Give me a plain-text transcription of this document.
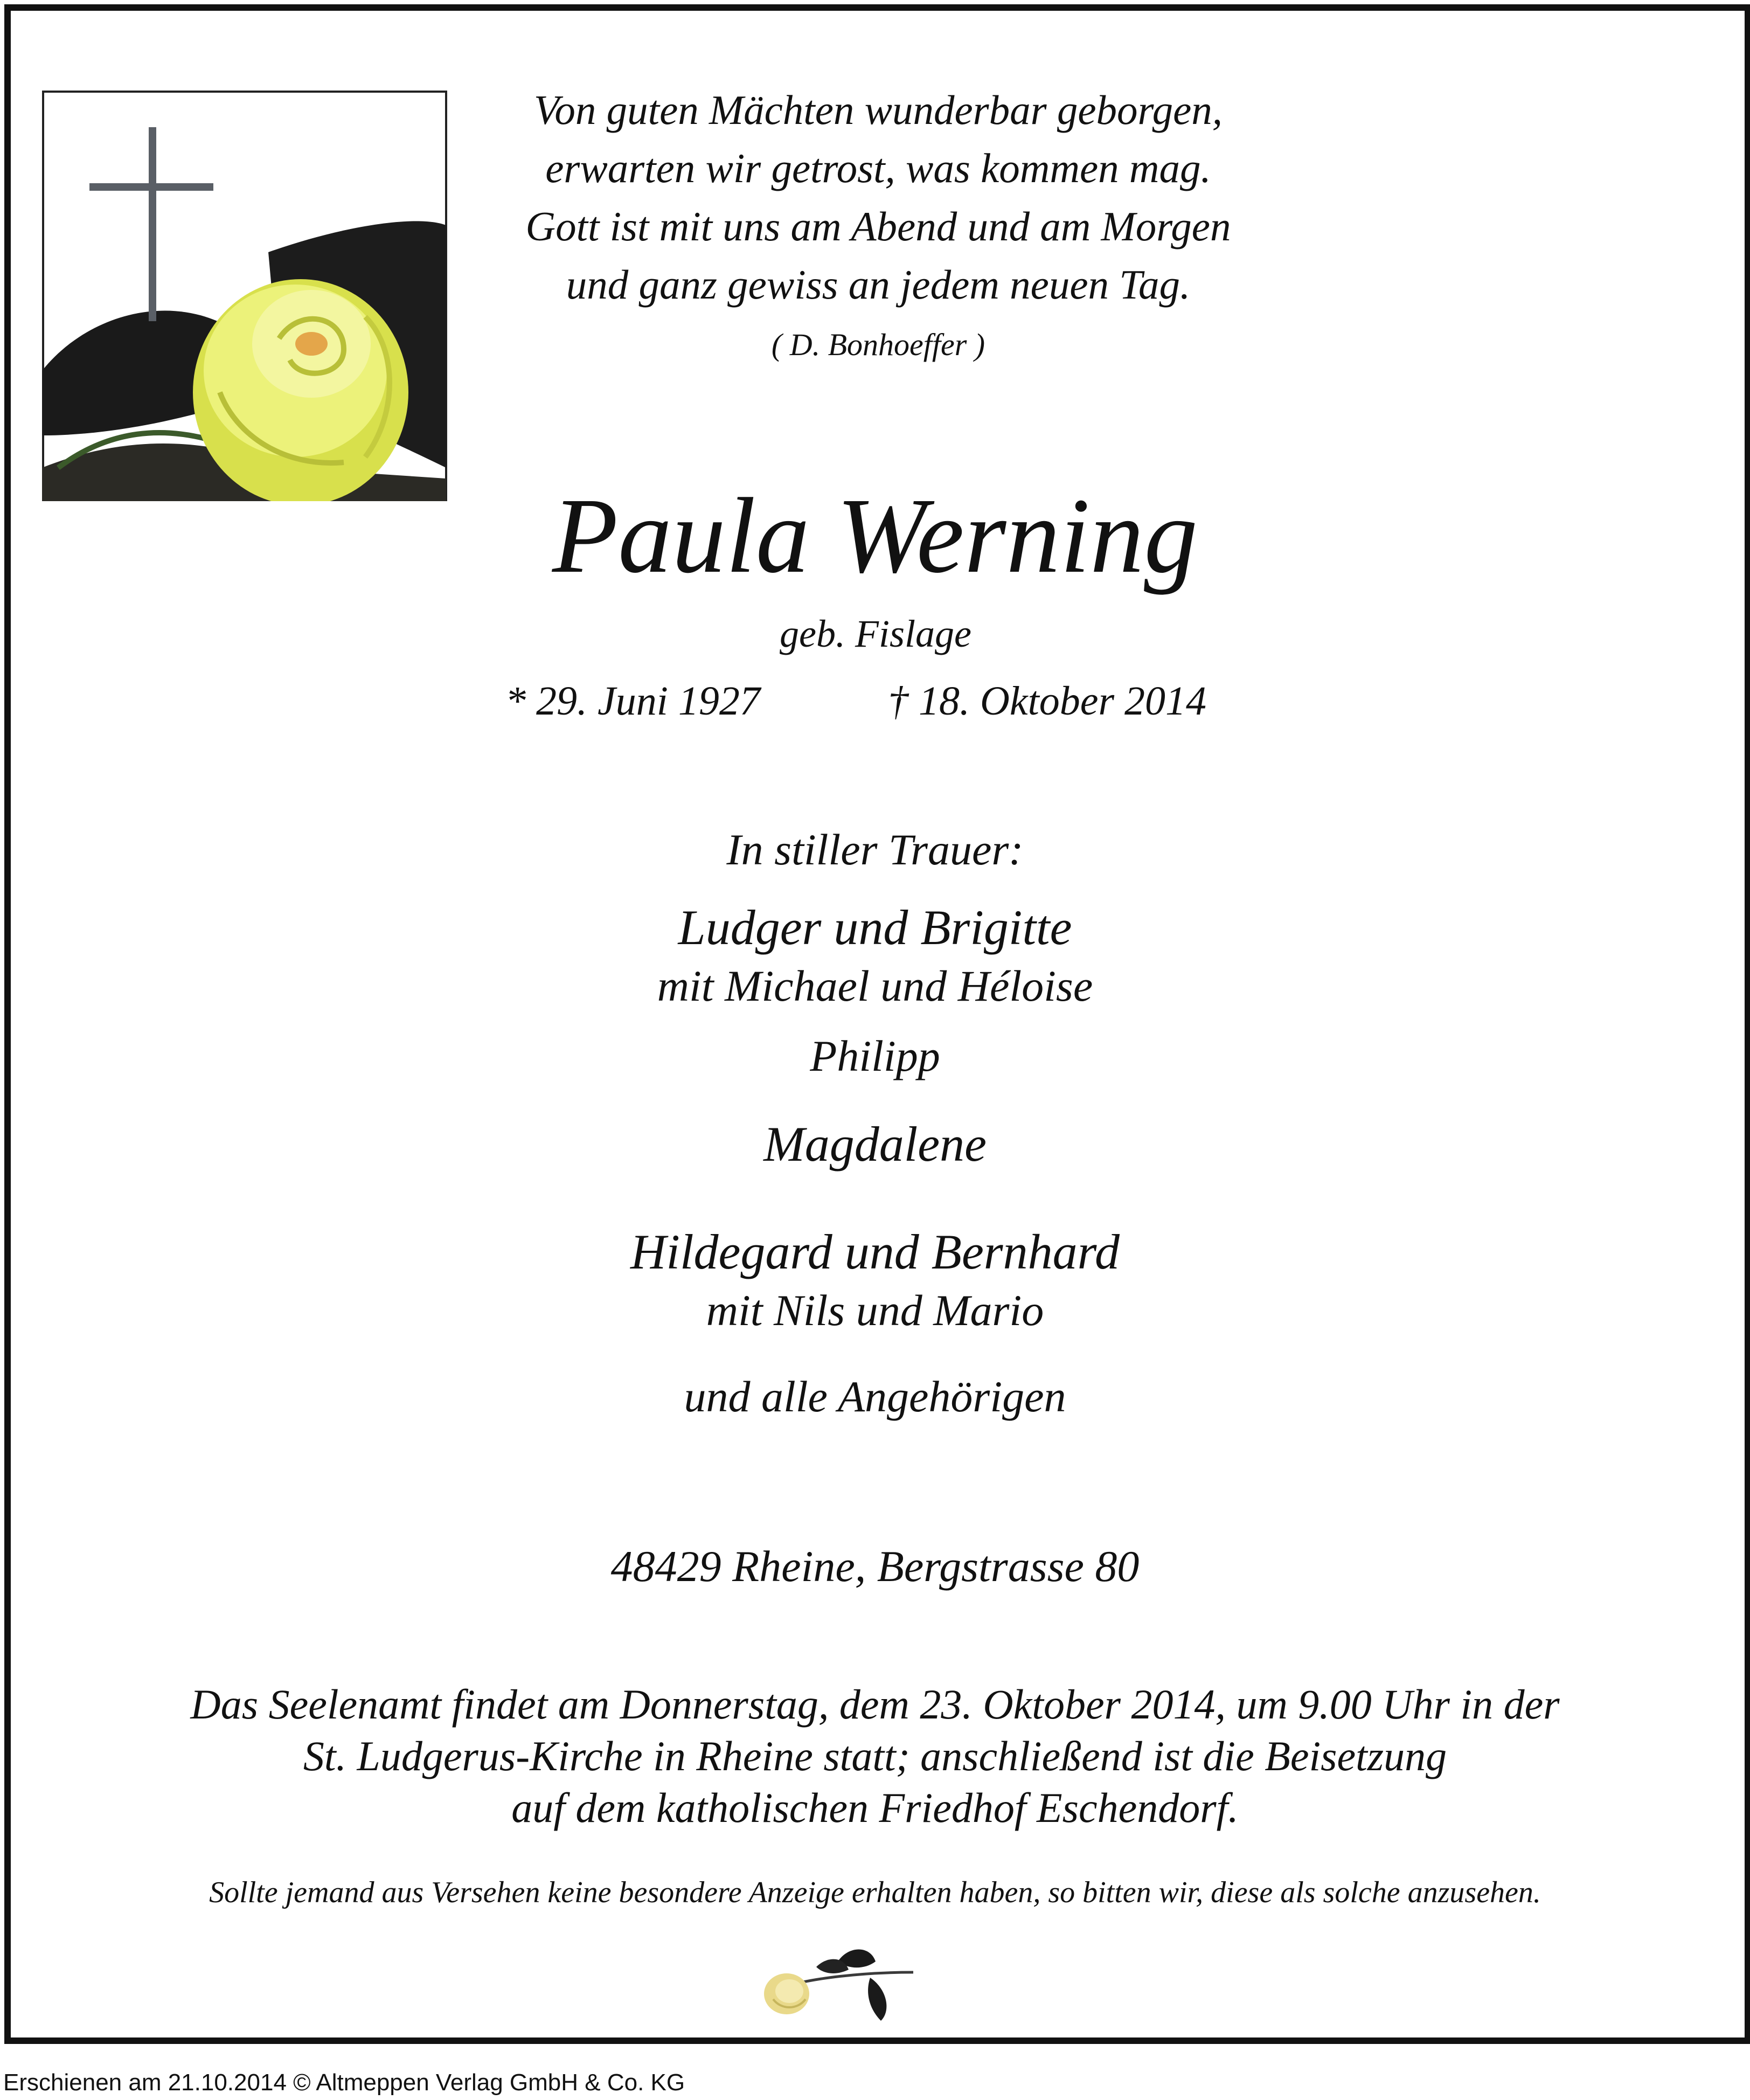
Von guten Mächten wunderbar geborgen,
erwarten wir getrost, was kommen mag.
Gott ist mit uns am Abend und am Morgen
und ganz gewiss an jedem neuen Tag.
( D. Bonhoeffer )
Paula Werning
geb. Fislage
* 29. Juni 1927	† 18. Oktober 2014
In stiller Trauer:
Ludger und Brigitte
mit Michael und Héloise
Philipp
Magdalene
Hildegard und Bernhard
mit Nils und Mario
und alle Angehörigen
48429 Rheine, Bergstrasse 80
Das Seelenamt findet am Donnerstag, dem 23. Oktober 2014, um 9.00 Uhr in der
St. Ludgerus-Kirche in Rheine statt; anschließend ist die Beisetzung
auf dem katholischen Friedhof Eschendorf.
Sollte jemand aus Versehen keine besondere Anzeige erhalten haben, so bitten wir, diese als solche anzusehen.
Erschienen am 21.10.2014 © Altmeppen Verlag GmbH & Co. KG
